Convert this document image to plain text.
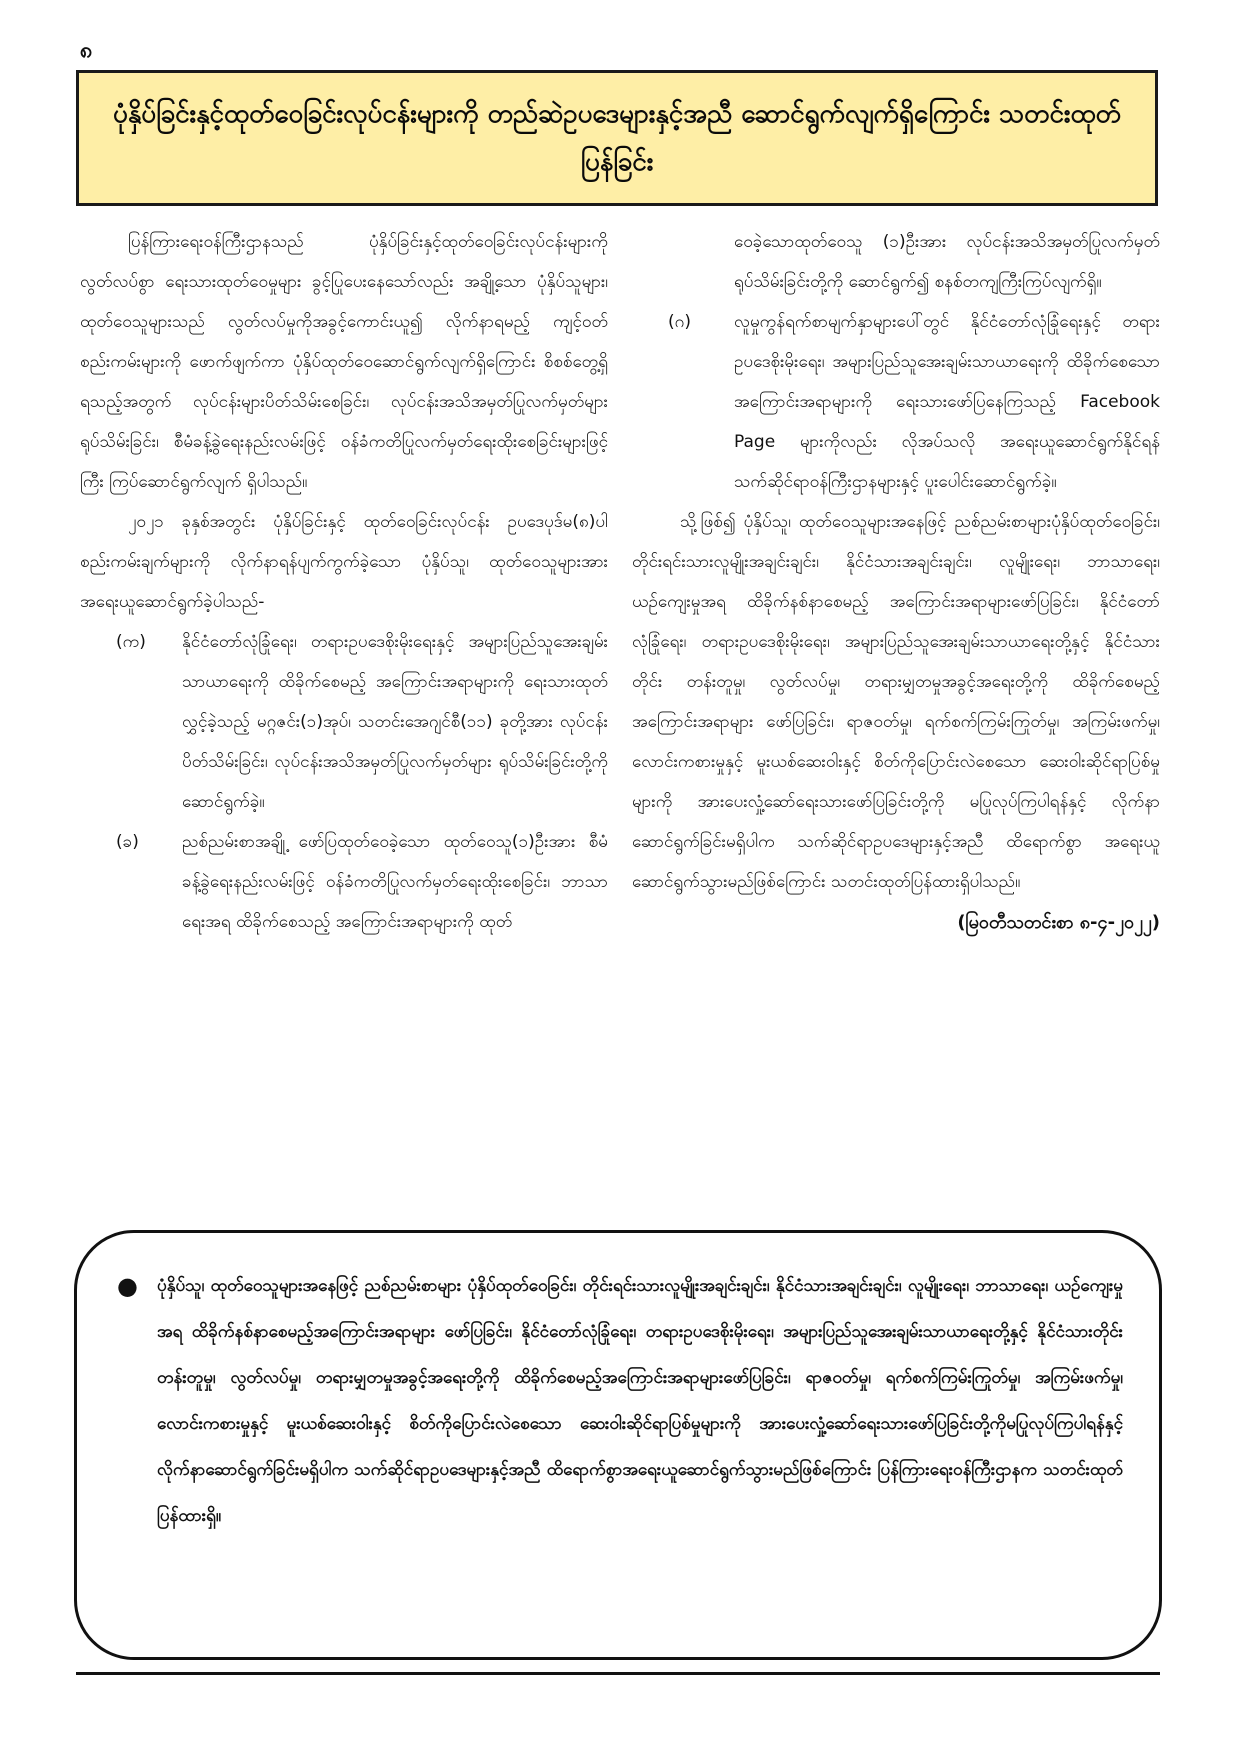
၈
ပုံနှိပ်ခြင်းနှင့်ထုတ်ဝေခြင်းလုပ်ငန်းများကို တည်ဆဲဥပဒေများနှင့်အညီ ဆောင်ရွက်လျက်ရှိကြောင်း သတင်းထုတ်ပြန်ခြင်း

ပြန်ကြားရေးဝန်ကြီးဌာနသည် ပုံနှိပ်ခြင်းနှင့်ထုတ်ဝေခြင်းလုပ်ငန်းများကို လွတ်လပ်စွာ ရေးသားထုတ်ဝေမှုများ ခွင့်ပြုပေးနေသော်လည်း အချို့သော ပုံနှိပ်သူများ၊ ထုတ်ဝေသူများသည် လွတ်လပ်မှုကိုအခွင့်ကောင်းယူ၍ လိုက်နာရမည့် ကျင့်ဝတ်စည်းကမ်းများကို ဖောက်ဖျက်ကာ ပုံနှိပ်ထုတ်ဝေဆောင်ရွက်လျက်ရှိကြောင်း စိစစ်တွေ့ရှိရသည့်အတွက် လုပ်ငန်းများပိတ်သိမ်းစေခြင်း၊ လုပ်ငန်းအသိအမှတ်ပြုလက်မှတ်များရုပ်သိမ်းခြင်း၊ စီမံခန့်ခွဲရေးနည်းလမ်းဖြင့် ဝန်ခံကတိပြုလက်မှတ်ရေးထိုးစေခြင်းများဖြင့် ကြီး ကြပ်ဆောင်ရွက်လျက် ရှိပါသည်။

၂၀၂၁ ခုနှစ်အတွင်း ပုံနှိပ်ခြင်းနှင့် ထုတ်ဝေခြင်းလုပ်ငန်း ဥပဒေပုဒ်မ(၈)ပါ စည်းကမ်းချက်များကို လိုက်နာရန်ပျက်ကွက်ခဲ့သော ပုံနှိပ်သူ၊ ထုတ်ဝေသူများအား အရေးယူဆောင်ရွက်ခဲ့ပါသည်-

(က)	နိုင်ငံတော်လုံခြုံရေး၊ တရားဥပဒေစိုးမိုးရေးနှင့် အများပြည်သူအေးချမ်းသာယာရေးကို ထိခိုက်စေမည့် အကြောင်းအရာများကို ရေးသားထုတ်လွှင့်ခဲ့သည့် မဂ္ဂဇင်း(၁)အုပ်၊ သတင်းအေဂျင်စီ(၁၁) ခုတို့အား လုပ်ငန်းပိတ်သိမ်းခြင်း၊ လုပ်ငန်းအသိအမှတ်ပြုလက်မှတ်များ ရုပ်သိမ်းခြင်းတို့ကို ဆောင်ရွက်ခဲ့။
(ခ)	ညစ်ညမ်းစာအချို့ ဖော်ပြထုတ်ဝေခဲ့သော ထုတ်ဝေသူ(၁)ဦးအား စီမံခန့်ခွဲရေးနည်းလမ်းဖြင့် ဝန်ခံကတိပြုလက်မှတ်ရေးထိုးစေခြင်း၊ ဘာသာရေးအရ ထိခိုက်စေသည့် အကြောင်းအရာများကို ထုတ်

ဝေခဲ့သောထုတ်ဝေသူ (၁)ဦးအား လုပ်ငန်းအသိအမှတ်ပြုလက်မှတ်ရုပ်သိမ်းခြင်းတို့ကို ဆောင်ရွက်၍ စနစ်တကျကြီးကြပ်လျက်ရှိ။

(ဂ)	လူမှုကွန်ရက်စာမျက်နှာများပေါ်တွင် နိုင်ငံတော်လုံခြုံရေးနှင့် တရားဥပဒေစိုးမိုးရေး၊ အများပြည်သူအေးချမ်းသာယာရေးကို ထိခိုက်စေသောအကြောင်းအရာများကို ရေးသားဖော်ပြနေကြသည့် Facebook Page များကိုလည်း လိုအပ်သလို အရေးယူဆောင်ရွက်နိုင်ရန် သက်ဆိုင်ရာဝန်ကြီးဌာနများနှင့် ပူးပေါင်းဆောင်ရွက်ခဲ့။

သို့ဖြစ်၍ ပုံနှိပ်သူ၊ ထုတ်ဝေသူများအနေဖြင့် ညစ်ညမ်းစာများပုံနှိပ်ထုတ်ဝေခြင်း၊ တိုင်းရင်းသားလူမျိုးအချင်းချင်း၊ နိုင်ငံသားအချင်းချင်း၊ လူမျိုးရေး၊ ဘာသာရေး၊ ယဉ်ကျေးမှုအရ ထိခိုက်နစ်နာစေမည့် အကြောင်းအရာများဖော်ပြခြင်း၊ နိုင်ငံတော်လုံခြုံရေး၊ တရားဥပဒေစိုးမိုးရေး၊ အများပြည်သူအေးချမ်းသာယာရေးတို့နှင့် နိုင်ငံသားတိုင်း တန်းတူမှု၊ လွတ်လပ်မှု၊ တရားမျှတမှုအခွင့်အရေးတို့ကို ထိခိုက်စေမည့် အကြောင်းအရာများ ဖော်ပြခြင်း၊ ရာဇဝတ်မှု၊ ရက်စက်ကြမ်းကြုတ်မှု၊ အကြမ်းဖက်မှု၊ လောင်းကစားမှုနှင့် မူးယစ်ဆေးဝါးနှင့် စိတ်ကိုပြောင်းလဲစေသော ဆေးဝါးဆိုင်ရာပြစ်မှုများကို အားပေးလှုံ့ဆော်ရေးသားဖော်ပြခြင်းတို့ကို မပြုလုပ်ကြပါရန်နှင့် လိုက်နာဆောင်ရွက်ခြင်းမရှိပါက သက်ဆိုင်ရာဥပဒေများနှင့်အညီ ထိရောက်စွာ အရေးယူဆောင်ရွက်သွားမည်ဖြစ်ကြောင်း သတင်းထုတ်ပြန်ထားရှိပါသည်။

(မြဝတီသတင်းစာ ၈-၄-၂၀၂၂)
●	ပုံနှိပ်သူ၊ ထုတ်ဝေသူများအနေဖြင့် ညစ်ညမ်းစာများ ပုံနှိပ်ထုတ်ဝေခြင်း၊ တိုင်းရင်းသားလူမျိုးအချင်းချင်း၊ နိုင်ငံသားအချင်းချင်း၊ လူမျိုးရေး၊ ဘာသာရေး၊ ယဉ်ကျေးမှုအရ ထိခိုက်နစ်နာစေမည့်အကြောင်းအရာများ ဖော်ပြခြင်း၊ နိုင်ငံတော်လုံခြုံရေး၊ တရားဥပဒေစိုးမိုးရေး၊ အများပြည်သူအေးချမ်းသာယာရေးတို့နှင့် နိုင်ငံသားတိုင်း တန်းတူမှု၊ လွတ်လပ်မှု၊ တရားမျှတမှုအခွင့်အရေးတို့ကို ထိခိုက်စေမည့်အကြောင်းအရာများဖော်ပြခြင်း၊ ရာဇဝတ်မှု၊ ရက်စက်ကြမ်းကြုတ်မှု၊ အကြမ်းဖက်မှု၊ လောင်းကစားမှုနှင့် မူးယစ်ဆေးဝါးနှင့် စိတ်ကိုပြောင်းလဲစေသော ဆေးဝါးဆိုင်ရာပြစ်မှုများကို အားပေးလှုံ့ဆော်ရေးသားဖော်ပြခြင်းတို့ကိုမပြုလုပ်ကြပါရန်နှင့် လိုက်နာဆောင်ရွက်ခြင်းမရှိပါက သက်ဆိုင်ရာဥပဒေများနှင့်အညီ ထိရောက်စွာအရေးယူဆောင်ရွက်သွားမည်ဖြစ်ကြောင်း ပြန်ကြားရေးဝန်ကြီးဌာနက သတင်းထုတ်ပြန်ထားရှိ။
